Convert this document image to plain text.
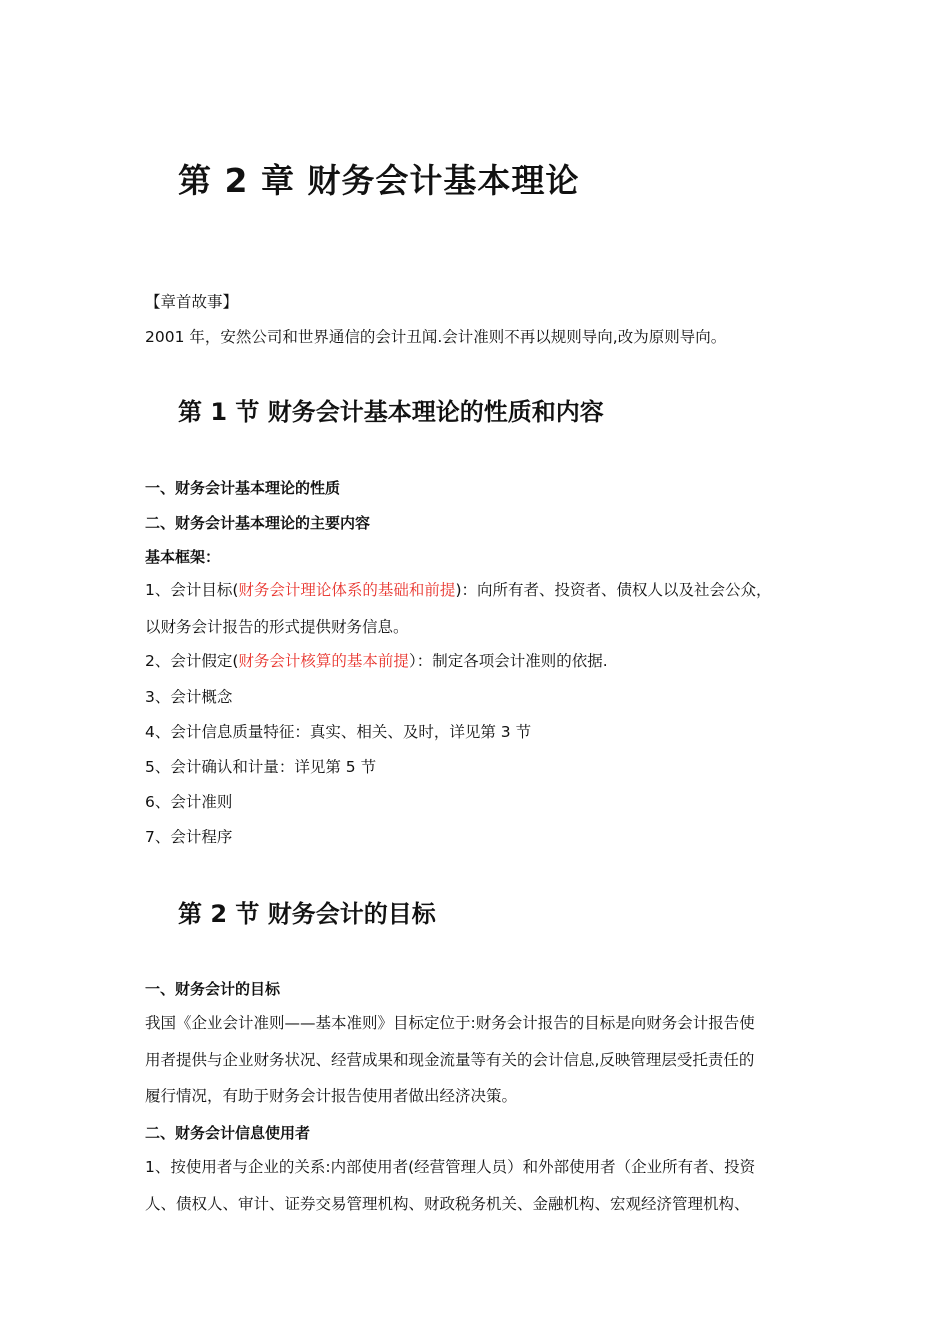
第 2 章 财务会计基本理论
【章首故事】
2001 年，安然公司和世界通信的会计丑闻.会计准则不再以规则导向,改为原则导向。
第 1 节 财务会计基本理论的性质和内容
一、财务会计基本理论的性质
二、财务会计基本理论的主要内容
基本框架：
1、会计目标(财务会计理论体系的基础和前提)：向所有者、投资者、债权人以及社会公众，
以财务会计报告的形式提供财务信息。
2、会计假定(财务会计核算的基本前提）：制定各项会计准则的依据.
3、会计概念
4、会计信息质量特征：真实、相关、及时，详见第 3 节
5、会计确认和计量：详见第 5 节
6、会计准则
7、会计程序
第 2 节 财务会计的目标
一、财务会计的目标
我国《企业会计准则——基本准则》目标定位于:财务会计报告的目标是向财务会计报告使
用者提供与企业财务状况、经营成果和现金流量等有关的会计信息,反映管理层受托责任的
履行情况，有助于财务会计报告使用者做出经济决策。
二、财务会计信息使用者
1、按使用者与企业的关系:内部使用者(经营管理人员）和外部使用者（企业所有者、投资
人、债权人、审计、证券交易管理机构、财政税务机关、金融机构、宏观经济管理机构、
